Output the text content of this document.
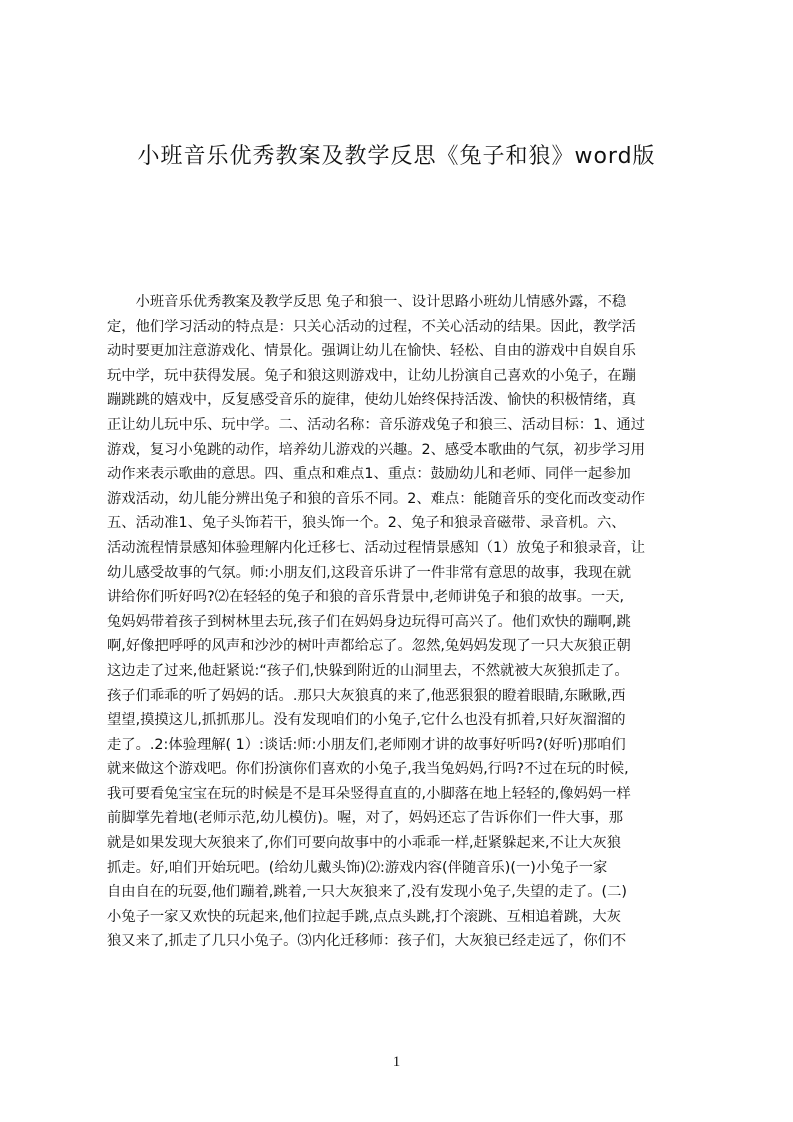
小班音乐优秀教案及教学反思《兔子和狼》word版
　　小班音乐优秀教案及教学反思 兔子和狼一、设计思路小班幼儿情感外露，不稳
定，他们学习活动的特点是：只关心活动的过程，不关心活动的结果。因此，教学活
动时要更加注意游戏化、情景化。强调让幼儿在愉快、轻松、自由的游戏中自娱自乐
玩中学，玩中获得发展。兔子和狼这则游戏中，让幼儿扮演自己喜欢的小兔子，在蹦
蹦跳跳的嬉戏中，反复感受音乐的旋律，使幼儿始终保持活泼、愉快的积极情绪，真
正让幼儿玩中乐、玩中学。二、活动名称：音乐游戏兔子和狼三、活动目标：1、通过
游戏，复习小兔跳的动作，培养幼儿游戏的兴趣。2、感受本歌曲的气氛，初步学习用
动作来表示歌曲的意思。四、重点和难点1、重点：鼓励幼儿和老师、同伴一起参加
游戏活动，幼儿能分辨出兔子和狼的音乐不同。2、难点：能随音乐的变化而改变动作
五、活动准1、兔子头饰若干，狼头饰一个。2、兔子和狼录音磁带、录音机。六、
活动流程情景感知体验理解内化迁移七、活动过程情景感知（1）放兔子和狼录音，让
幼儿感受故事的气氛。师:小朋友们,这段音乐讲了一件非常有意思的故事，我现在就
讲给你们听好吗?⑵在轻轻的兔子和狼的音乐背景中,老师讲兔子和狼的故事。一天,
兔妈妈带着孩子到树林里去玩,孩子们在妈妈身边玩得可高兴了。他们欢快的蹦啊,跳
啊,好像把呼呼的风声和沙沙的树叶声都给忘了。忽然,兔妈妈发现了一只大灰狼正朝
这边走了过来,他赶紧说:“孩子们,快躲到附近的山洞里去，不然就被大灰狼抓走了。
孩子们乖乖的听了妈妈的话。.那只大灰狼真的来了,他恶狠狠的瞪着眼睛,东瞅瞅,西
望望,摸摸这儿,抓抓那儿。没有发现咱们的小兔子,它什么也没有抓着,只好灰溜溜的
走了。.2:体验理解( 1）:谈话:师:小朋友们,老师刚才讲的故事好听吗?(好听)那咱们
就来做这个游戏吧。你们扮演你们喜欢的小兔子,我当兔妈妈,行吗?不过在玩的时候,
我可要看兔宝宝在玩的时候是不是耳朵竖得直直的,小脚落在地上轻轻的,像妈妈一样
前脚掌先着地(老师示范,幼儿模仿)。喔，对了，妈妈还忘了告诉你们一件大事，那
就是如果发现大灰狼来了,你们可要向故事中的小乖乖一样,赶紧躲起来,不让大灰狼
抓走。好,咱们开始玩吧。(给幼儿戴头饰)⑵:游戏内容(伴随音乐)(一)小兔子一家
自由自在的玩耍,他们蹦着,跳着,一只大灰狼来了,没有发现小兔子,失望的走了。(二)
小兔子一家又欢快的玩起来,他们拉起手跳,点点头跳,打个滚跳、互相追着跳，大灰
狼又来了,抓走了几只小兔子。⑶内化迁移师：孩子们，大灰狼已经走远了，你们不
1
